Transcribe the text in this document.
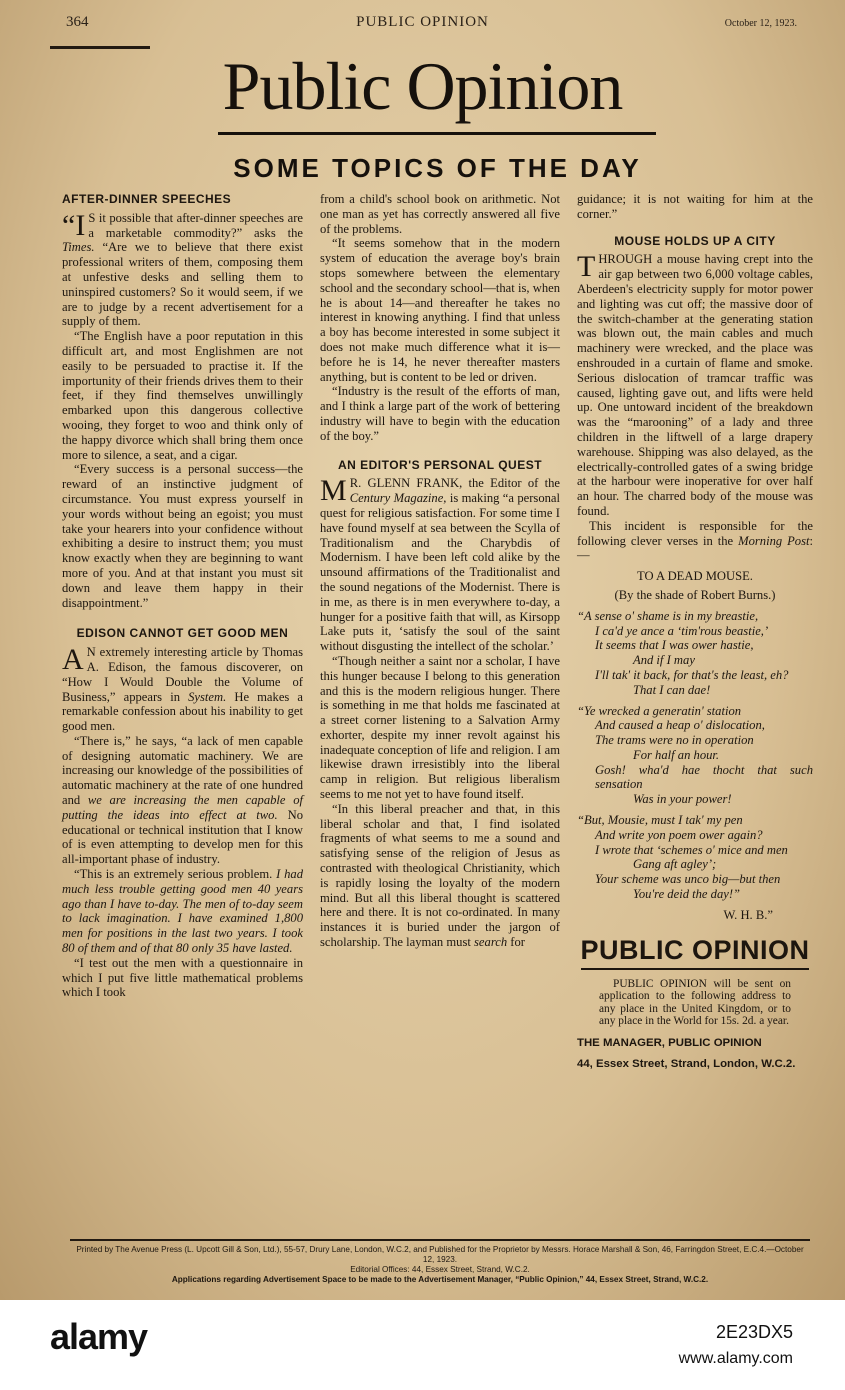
364	PUBLIC OPINION	October 12, 1923.
Public Opinion
SOME TOPICS OF THE DAY
AFTER-DINNER SPEECHES

“I S it possible that after-dinner speeches are a marketable commodity?” asks the Times. “Are we to believe that there exist professional writers of them, composing them at unfestive desks and selling them to uninspired customers? So it would seem, if we are to judge by a recent advertisement for a supply of them.

“The English have a poor reputation in this difficult art, and most Englishmen are not easily to be persuaded to practise it. If the importunity of their friends drives them to their feet, if they find themselves unwillingly embarked upon this dangerous collective wooing, they forget to woo and think only of the happy divorce which shall bring them once more to silence, a seat, and a cigar.

“Every success is a personal success—the reward of an instinctive judgment of circumstance. You must express yourself in your words without being an egoist; you must take your hearers into your confidence without exhibiting a desire to instruct them; you must know exactly when they are beginning to want more of you. And at that instant you must sit down and leave them happy in their disappointment.”

EDISON CANNOT GET GOOD MEN

A N extremely interesting article by Thomas A. Edison, the famous discoverer, on “How I Would Double the Volume of Business,” appears in System. He makes a remarkable confession about his inability to get good men.

“There is,” he says, “a lack of men capable of designing automatic machinery. We are increasing our knowledge of the possibilities of automatic machinery at the rate of one hundred and we are increasing the men capable of putting the ideas into effect at two. No educational or technical institution that I know of is even attempting to develop men for this all-important phase of industry.

“This is an extremely serious problem. I had much less trouble getting good men 40 years ago than I have to-day. The men of to-day seem to lack imagination. I have examined 1,800 men for positions in the last two years. I took 80 of them and of that 80 only 35 have lasted.

“I test out the men with a questionnaire in which I put five little mathematical problems which I took

from a child's school book on arithmetic. Not one man as yet has correctly answered all five of the problems.

“It seems somehow that in the modern system of education the average boy's brain stops somewhere between the elementary school and the secondary school—that is, when he is about 14—and thereafter he takes no interest in knowing anything. I find that unless a boy has become interested in some subject it does not make much difference what it is—before he is 14, he never thereafter masters anything, but is content to be led or driven.

“Industry is the result of the efforts of man, and I think a large part of the work of bettering industry will have to begin with the education of the boy.”

AN EDITOR'S PERSONAL QUEST

M R. GLENN FRANK, the Editor of the Century Magazine, is making “a personal quest for religious satisfaction. For some time I have found myself at sea between the Scylla of Traditionalism and the Charybdis of Modernism. I have been left cold alike by the unsound affirmations of the Traditionalist and the sound negations of the Modernist. There is in me, as there is in men everywhere to-day, a hunger for a positive faith that will, as Kirsopp Lake puts it, ‘satisfy the soul of the saint without disgusting the intellect of the scholar.’

“Though neither a saint nor a scholar, I have this hunger because I belong to this generation and this is the modern religious hunger. There is something in me that holds me fascinated at a street corner listening to a Salvation Army exhorter, despite my inner revolt against his inadequate conception of life and religion. I am likewise drawn irresistibly into the liberal camp in religion. But religious liberalism seems to me not yet to have found itself.

“In this liberal preacher and that, in this liberal scholar and that, I find isolated fragments of what seems to me a sound and satisfying sense of the religion of Jesus as contrasted with theological Christianity, which is rapidly losing the loyalty of the modern mind. But all this liberal thought is scattered here and there. It is not co-ordinated. In many instances it is buried under the jargon of scholarship. The layman must search for

guidance; it is not waiting for him at the corner.”

MOUSE HOLDS UP A CITY

THROUGH a mouse having crept into the air gap between two 6,000 voltage cables, Aberdeen's electricity supply for motor power and lighting was cut off; the massive door of the switch-chamber at the generating station was blown out, the main cables and much machinery were wrecked, and the place was enshrouded in a curtain of flame and smoke. Serious dislocation of tramcar traffic was caused, lighting gave out, and lifts were held up. One untoward incident of the breakdown was the “marooning” of a lady and three children in the liftwell of a large drapery warehouse. Shipping was also delayed, as the electrically-controlled gates of a swing bridge at the harbour were inoperative for over half an hour. The charred body of the mouse was found.

This incident is responsible for the following clever verses in the Morning Post:—

TO A DEAD MOUSE.
(By the shade of Robert Burns.)
“A sense o' shame is in my breastie,
I ca'd ye ance a ‘tim'rous beastie,’
It seems that I was ower hastie,
And if I may
I'll tak' it back, for that's the least, eh?
That I can dae!
“Ye wrecked a generatin' station
And caused a heap o' dislocation,
The trams were no in operation
For half an hour.
Gosh! wha'd hae thocht that such sensation
Was in your power!
“But, Mousie, must I tak' my pen
And write yon poem ower again?
I wrote that ‘schemes o' mice and men
Gang aft agley’;
Your scheme was unco big—but then
You're deid the day!”
W. H. B.”
PUBLIC OPINION
PUBLIC OPINION will be sent on application to the following address to any place in the United Kingdom, or to any place in the World for 15s. 2d. a year.
THE MANAGER, PUBLIC OPINION
44, Essex Street, Strand, London, W.C.2.
Printed by The Avenue Press (L. Upcott Gill & Son, Ltd.), 55-57, Drury Lane, London, W.C.2, and Published for the Proprietor by Messrs. Horace Marshall & Son, 46, Farringdon Street, E.C.4.—October 12, 1923.
Editorial Offices: 44, Essex Street, Strand, W.C.2.
Applications regarding Advertisement Space to be made to the Advertisement Manager, “Public Opinion,” 44, Essex Street, Strand, W.C.2.
alamy	2E23DX5
www.alamy.com
